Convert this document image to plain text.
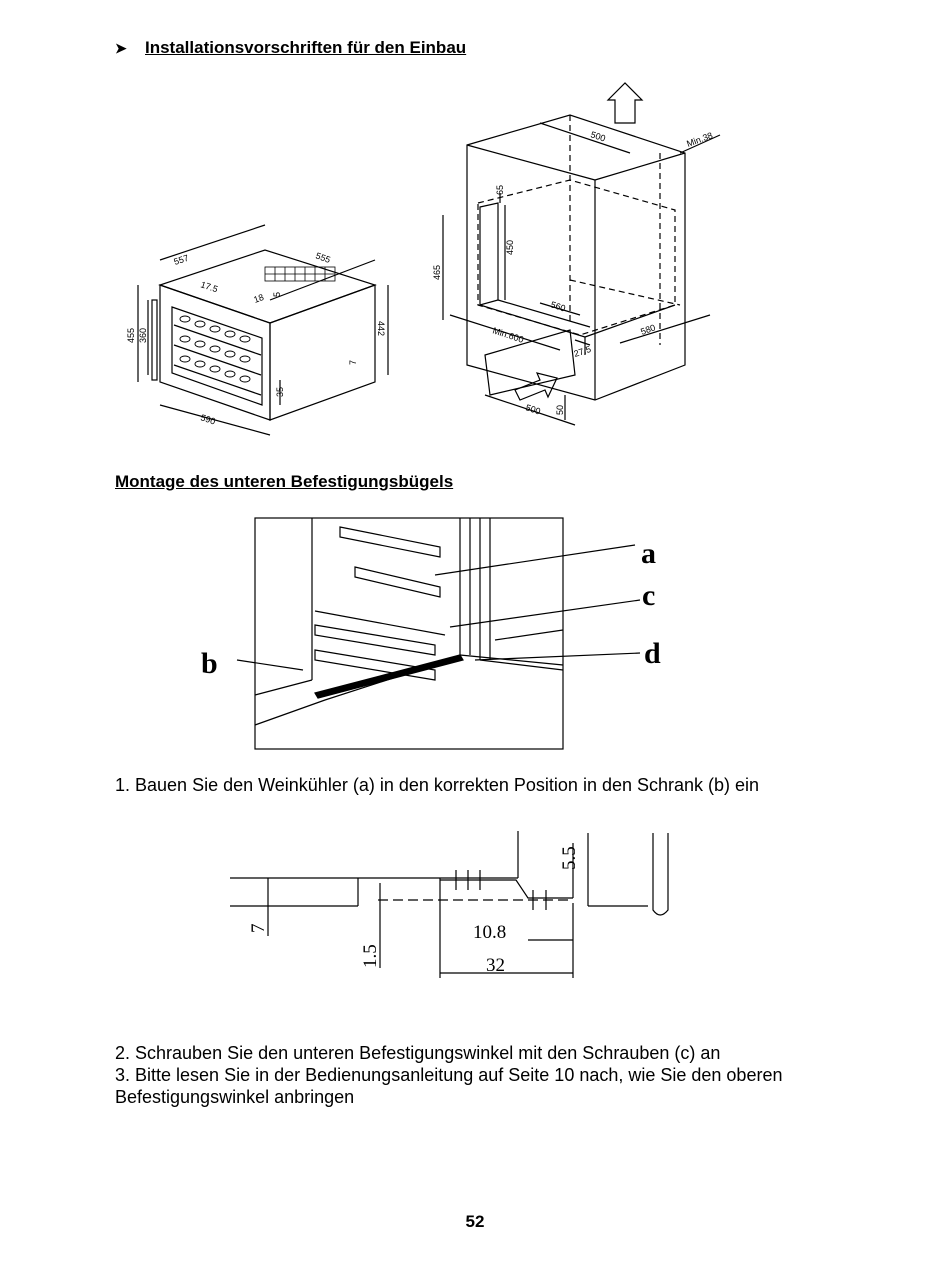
➤ Installationsvorschriften für den Einbau
557	555
17.5
18 5
455 360	442
7
35
590
500	Min.38
65
450
465
560
Min.600	580
27.5
500 50
Montage des unteren Befestigungsbügels
a
b
c
d
1. Bauen Sie den Weinkühler (a) in den korrekten Position in den Schrank (b) ein
7
1.5
5.5
10.8
32
2. Schrauben Sie den unteren Befestigungswinkel mit den Schrauben (c) an
3. Bitte lesen Sie in der Bedienungsanleitung auf Seite 10 nach, wie Sie den oberen Befestigungswinkel anbringen
52
